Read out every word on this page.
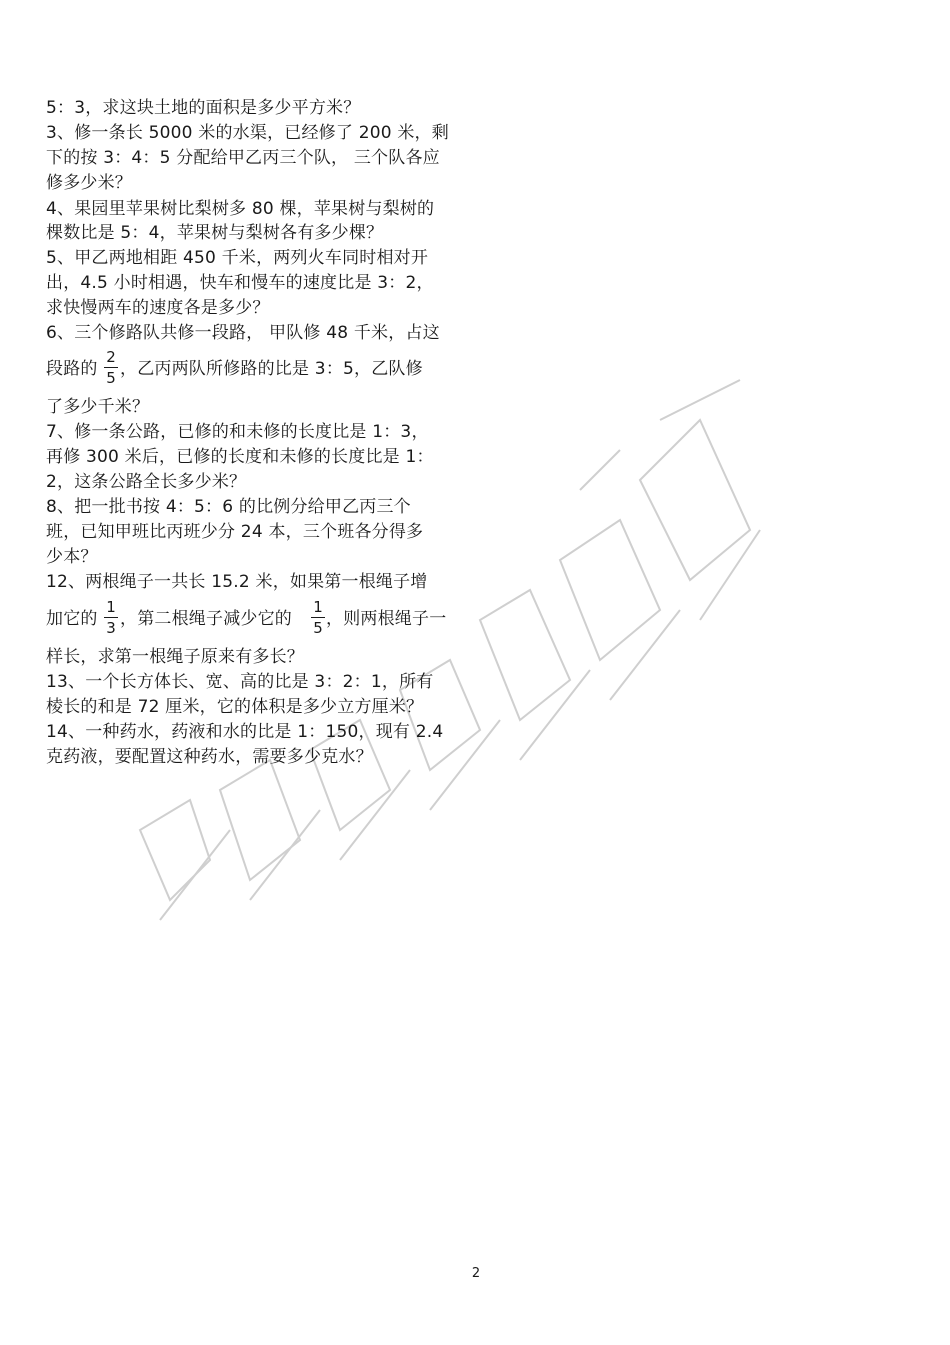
5：3，求这块土地的面积是多少平方米？
3、修一条长 5000 米的水渠，已经修了 200 米，剩
下的按 3：4：5 分配给甲乙丙三个队， 三个队各应
修多少米？
4、果园里苹果树比梨树多 80 棵，苹果树与梨树的
棵数比是 5：4，苹果树与梨树各有多少棵？
5、甲乙两地相距 450 千米，两列火车同时相对开
出，4.5 小时相遇，快车和慢车的速度比是 3：2，
求快慢两车的速度各是多少？
6、三个修路队共修一段路， 甲队修 48 千米，占这
段路的
2
5 ，乙丙两队所修路的比是 3：5，乙队修
了多少千米？
7、修一条公路，已修的和未修的长度比是 1：3，
再修 300 米后，已修的长度和未修的长度比是 1：
2，这条公路全长多少米？
8、把一批书按 4：5：6 的比例分给甲乙丙三个
班，已知甲班比丙班少分 24 本，三个班各分得多
少本？
12、两根绳子一共长 15.2 米，如果第一根绳子增
加它的
1
3 ，第二根绳子减少它的
1
5 ，则两根绳子一
样长，求第一根绳子原来有多长？
13、一个长方体长、宽、高的比是 3：2：1，所有
棱长的和是 72 厘米，它的体积是多少立方厘米？
14、一种药水，药液和水的比是 1：150，现有 2.4
克药液，要配置这种药水，需要多少克水？
2
